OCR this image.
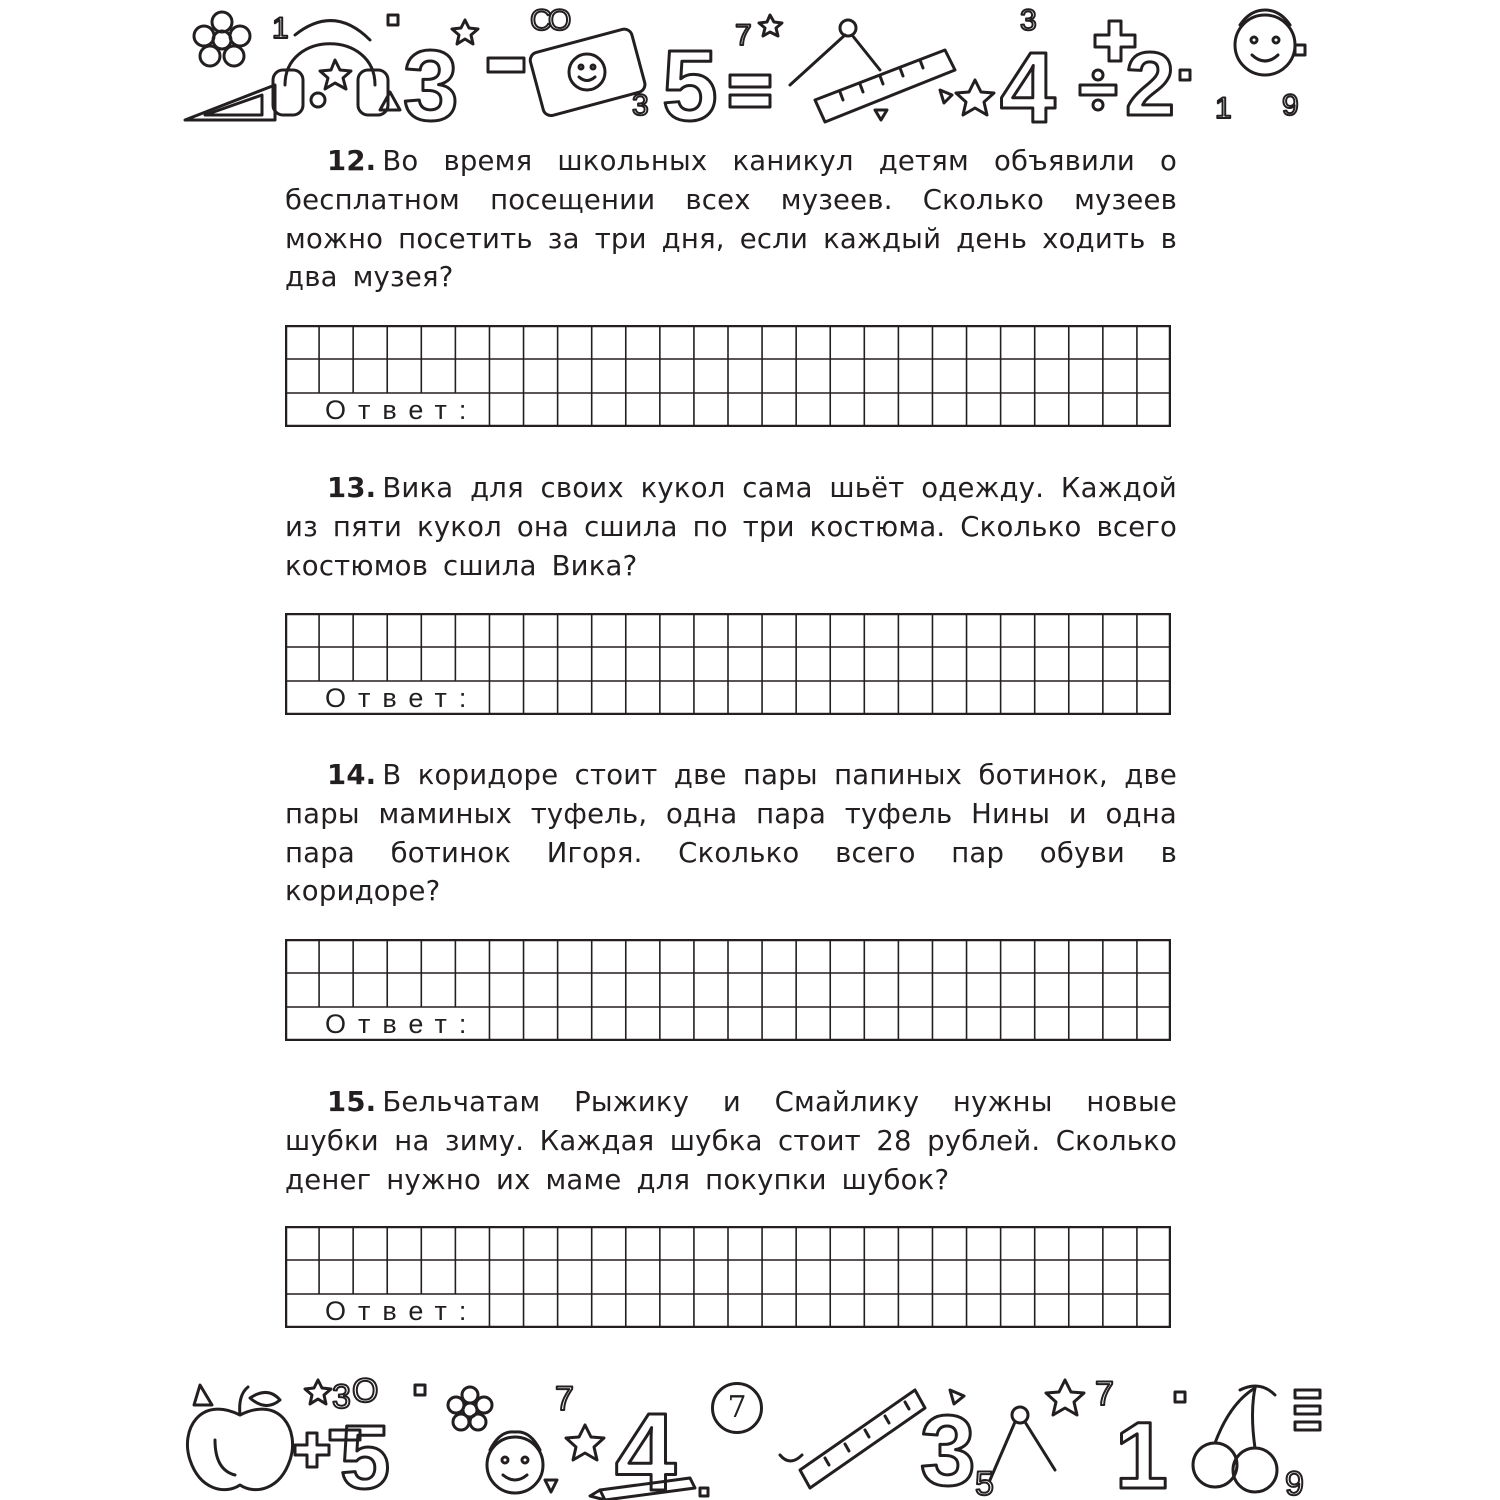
3 5	4 2
1	C
O	7
3
3
1 9

12. Во время школьных каникул детям объявили о бесплатном посещении всех музеев. Сколько музеев можно посетить за три дня, если каждый день ходить в два музея?

Ответ:

13. Вика для своих кукол сама шьёт одежду. Каждой из пяти кукол она сшила по три костюма. Сколько всего костюмов сшила Вика?

Ответ:

14. В коридоре стоит две пары папиных ботинок, две пары маминых туфель, одна пара туфель Нины и одна пара ботинок Игоря. Сколько всего пар обуви в коридоре?

Ответ:

15. Бельчатам Рыжику и Смайлику нужны новые шубки на зиму. Каждая шубка стоит 28 рублей. Сколько денег нужно их маме для покупки шубок?

Ответ:
5 4 3 1
3 O	7
5
7
9
7
